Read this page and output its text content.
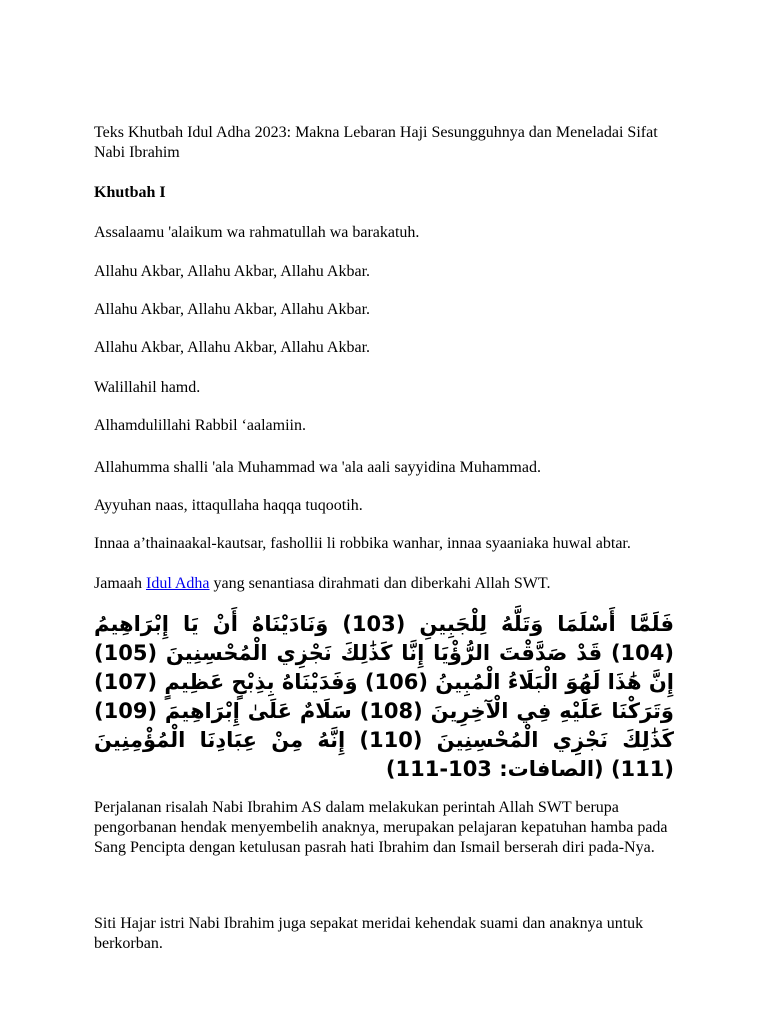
Teks Khutbah Idul Adha 2023: Makna Lebaran Haji Sesungguhnya dan Meneladai Sifat Nabi Ibrahim

Khutbah I

Assalaamu 'alaikum wa rahmatullah wa barakatuh.

Allahu Akbar, Allahu Akbar, Allahu Akbar.

Allahu Akbar, Allahu Akbar, Allahu Akbar.

Allahu Akbar, Allahu Akbar, Allahu Akbar.

Walillahil hamd.

Alhamdulillahi Rabbil ‘aalamiin.

Allahumma shalli 'ala Muhammad wa 'ala aali sayyidina Muhammad.

Ayyuhan naas, ittaqullaha haqqa tuqootih.

Innaa a’thainaakal-kautsar, fashollii li robbika wanhar, innaa syaaniaka huwal abtar.

Jamaah Idul Adha yang senantiasa dirahmati dan diberkahi Allah SWT.

فَلَمَّا أَسْلَمَا وَتَلَّهُ لِلْجَبِينِ (103) وَنَادَيْنَاهُ أَنْ يَا إِبْرَاهِيمُ (104) قَدْ صَدَّقْتَ الرُّؤْيَا إِنَّا كَذَٰلِكَ نَجْزِي الْمُحْسِنِينَ (105) إِنَّ هَٰذَا لَهُوَ الْبَلَاءُ الْمُبِينُ (106) وَفَدَيْنَاهُ بِذِبْحٍ عَظِيمٍ (107) وَتَرَكْنَا عَلَيْهِ فِي الْآخِرِينَ (108) سَلَامٌ عَلَىٰ إِبْرَاهِيمَ (109) كَذَٰلِكَ نَجْزِي الْمُحْسِنِينَ (110) إِنَّهُ مِنْ عِبَادِنَا الْمُؤْمِنِينَ (111) (الصافات: 103-111)

Perjalanan risalah Nabi Ibrahim AS dalam melakukan perintah Allah SWT berupa pengorbanan hendak menyembelih anaknya, merupakan pelajaran kepatuhan hamba pada Sang Pencipta dengan ketulusan pasrah hati Ibrahim dan Ismail berserah diri pada-Nya.

Siti Hajar istri Nabi Ibrahim juga sepakat meridai kehendak suami dan anaknya untuk berkorban.
